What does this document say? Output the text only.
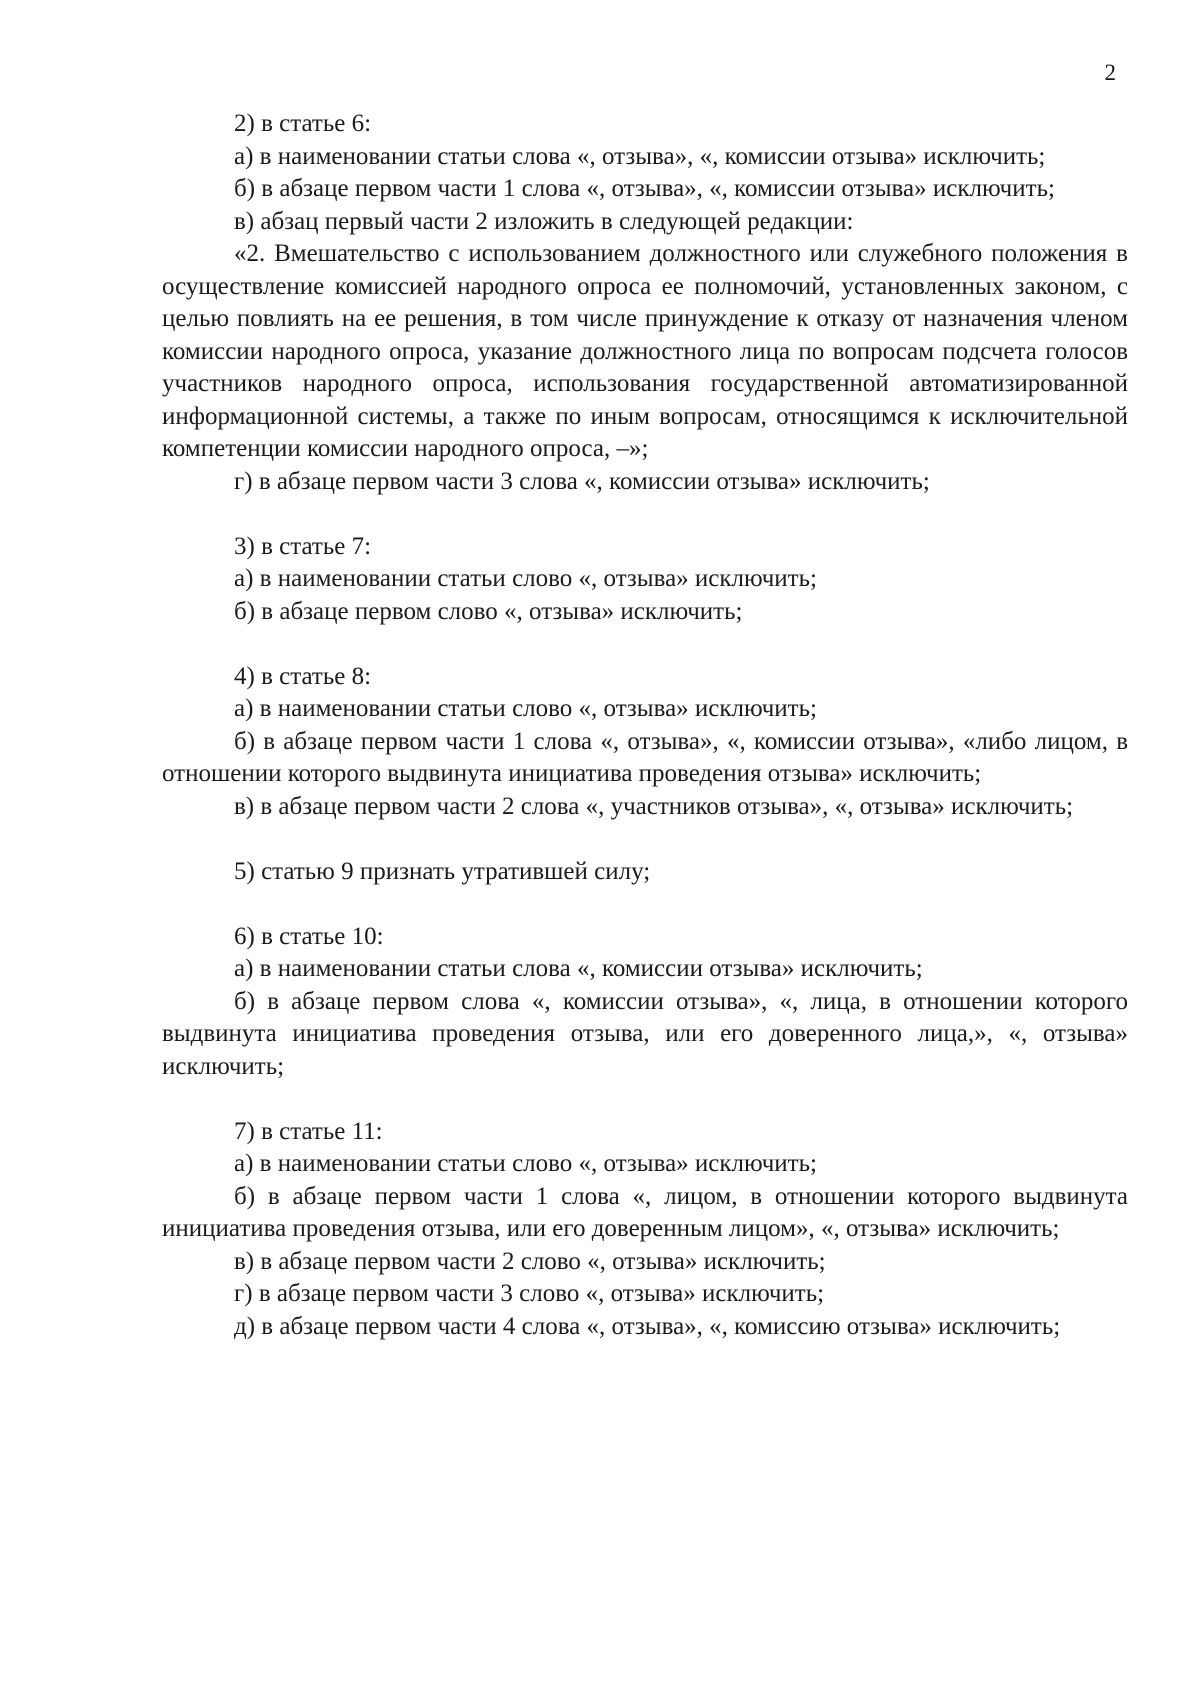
2

2) в статье 6:

а) в наименовании статьи слова «, отзыва», «, комиссии отзыва» исключить;

б) в абзаце первом части 1 слова «, отзыва», «, комиссии отзыва» исключить;

в) абзац первый части 2 изложить в следующей редакции:

«2. Вмешательство с использованием должностного или служебного положения в осуществление комиссией народного опроса ее полномочий, установленных законом, с целью повлиять на ее решения, в том числе принуждение к отказу от назначения членом комиссии народного опроса, указание должностного лица по вопросам подсчета голосов участников народного опроса, использования государственной автоматизированной информационной системы, а также по иным вопросам, относящимся к исключительной компетенции комиссии народного опроса, –»;

г) в абзаце первом части 3 слова «, комиссии отзыва» исключить;

3) в статье 7:

а) в наименовании статьи слово «, отзыва» исключить;

б) в абзаце первом слово «, отзыва» исключить;

4) в статье 8:

а) в наименовании статьи слово «, отзыва» исключить;

б) в абзаце первом части 1 слова «, отзыва», «, комиссии отзыва», «либо лицом, в отношении которого выдвинута инициатива проведения отзыва» исключить;

в) в абзаце первом части 2 слова «, участников отзыва», «, отзыва» исключить;

5) статью 9 признать утратившей силу;

6) в статье 10:

а) в наименовании статьи слова «, комиссии отзыва» исключить;

б) в абзаце первом слова «, комиссии отзыва», «, лица, в отношении которого выдвинута инициатива проведения отзыва, или его доверенного лица,», «, отзыва» исключить;

7) в статье 11:

а) в наименовании статьи слово «, отзыва» исключить;

б) в абзаце первом части 1 слова «, лицом, в отношении которого выдвинута инициатива проведения отзыва, или его доверенным лицом», «, отзыва» исключить;

в) в абзаце первом части 2 слово «, отзыва» исключить;

г) в абзаце первом части 3 слово «, отзыва» исключить;

д) в абзаце первом части 4 слова «, отзыва», «, комиссию отзыва» исключить;
